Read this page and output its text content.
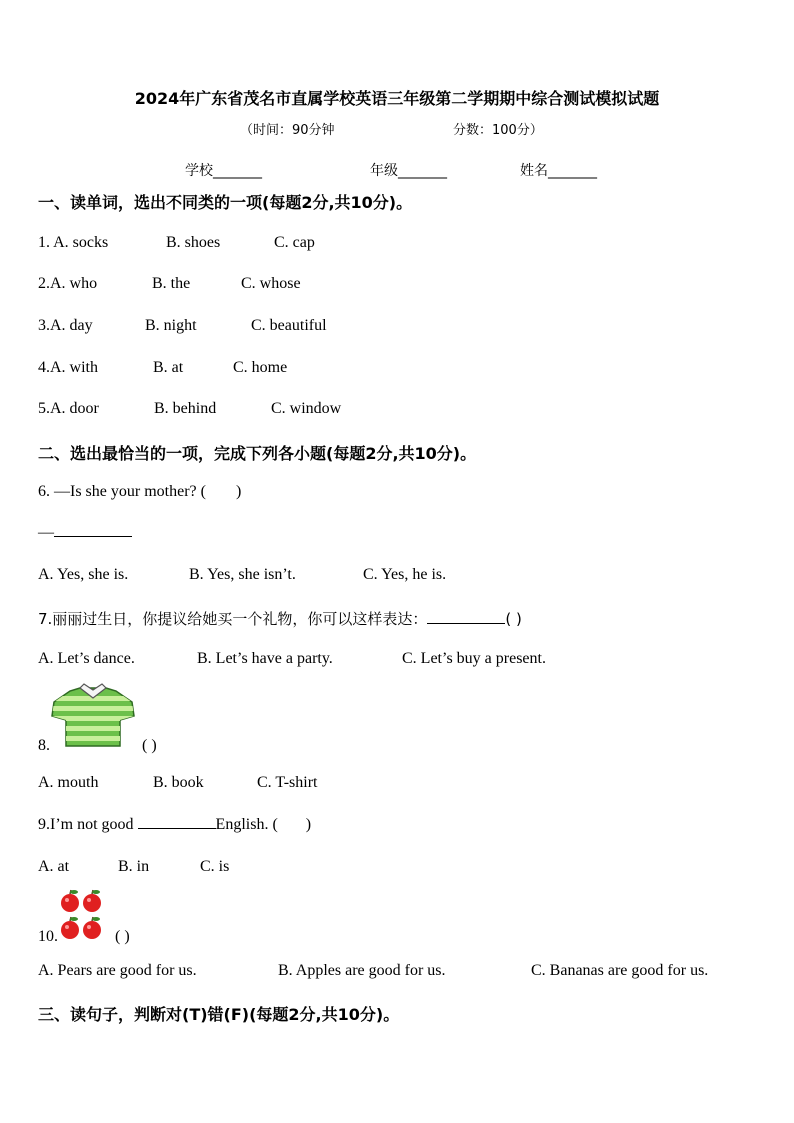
2024年广东省茂名市直属学校英语三年级第二学期期中综合测试模拟试题
（时间：90分钟	分数：100分）
学校_______	年级_______	姓名_______
一、读单词，选出不同类的一项(每题2分,共10分)。
1. A. socks	B. shoes	C. cap
2.A. who	B. the	C. whose
3.A. day	B. night	C. beautiful
4.A. with	B. at	C. home
5.A. door	B. behind	C. window
二、选出最恰当的一项，完成下列各小题(每题2分,共10分)。
6. —Is she your mother? ( )
—
A. Yes, she is.	B. Yes, she isn’t.	C. Yes, he is.
7.丽丽过生日，你提议给她买一个礼物，你可以这样表达：	( )
A. Let’s dance.	B. Let’s have a party.	C. Let’s buy a present.
8.	( )
A. mouth	B. book	C. T-shirt
9.I’m not good	English. ( )
A. at	B. in	C. is
10.	( )
A. Pears are good for us.	B. Apples are good for us.	C. Bananas are good for us.
三、读句子，判断对(T)错(F)(每题2分,共10分)。
